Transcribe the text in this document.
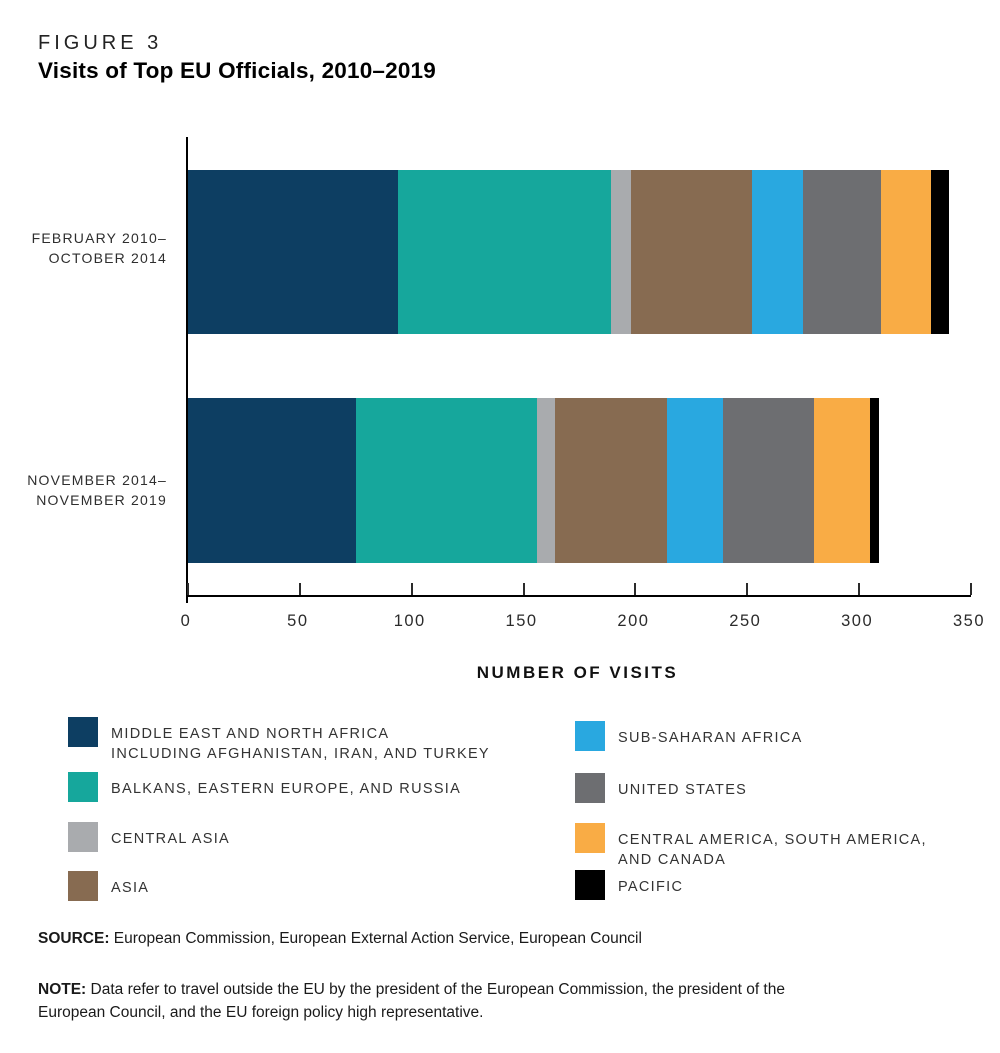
FIGURE 3
Visits of Top EU Officials, 2010–2019
FEBRUARY 2010–
OCTOBER 2014
NOVEMBER 2014–
NOVEMBER 2019
0	50	100	150	200	250	300	350
NUMBER OF VISITS
MIDDLE EAST AND NORTH AFRICA
INCLUDING AFGHANISTAN, IRAN, AND TURKEY
BALKANS, EASTERN EUROPE, AND RUSSIA
CENTRAL ASIA
ASIA
SUB-SAHARAN AFRICA
UNITED STATES
CENTRAL AMERICA, SOUTH AMERICA,
AND CANADA
PACIFIC

SOURCE: European Commission, European External Action Service, European Council

NOTE: Data refer to travel outside the EU by the president of the European Commission, the president of the
European Council, and the EU foreign policy high representative.
